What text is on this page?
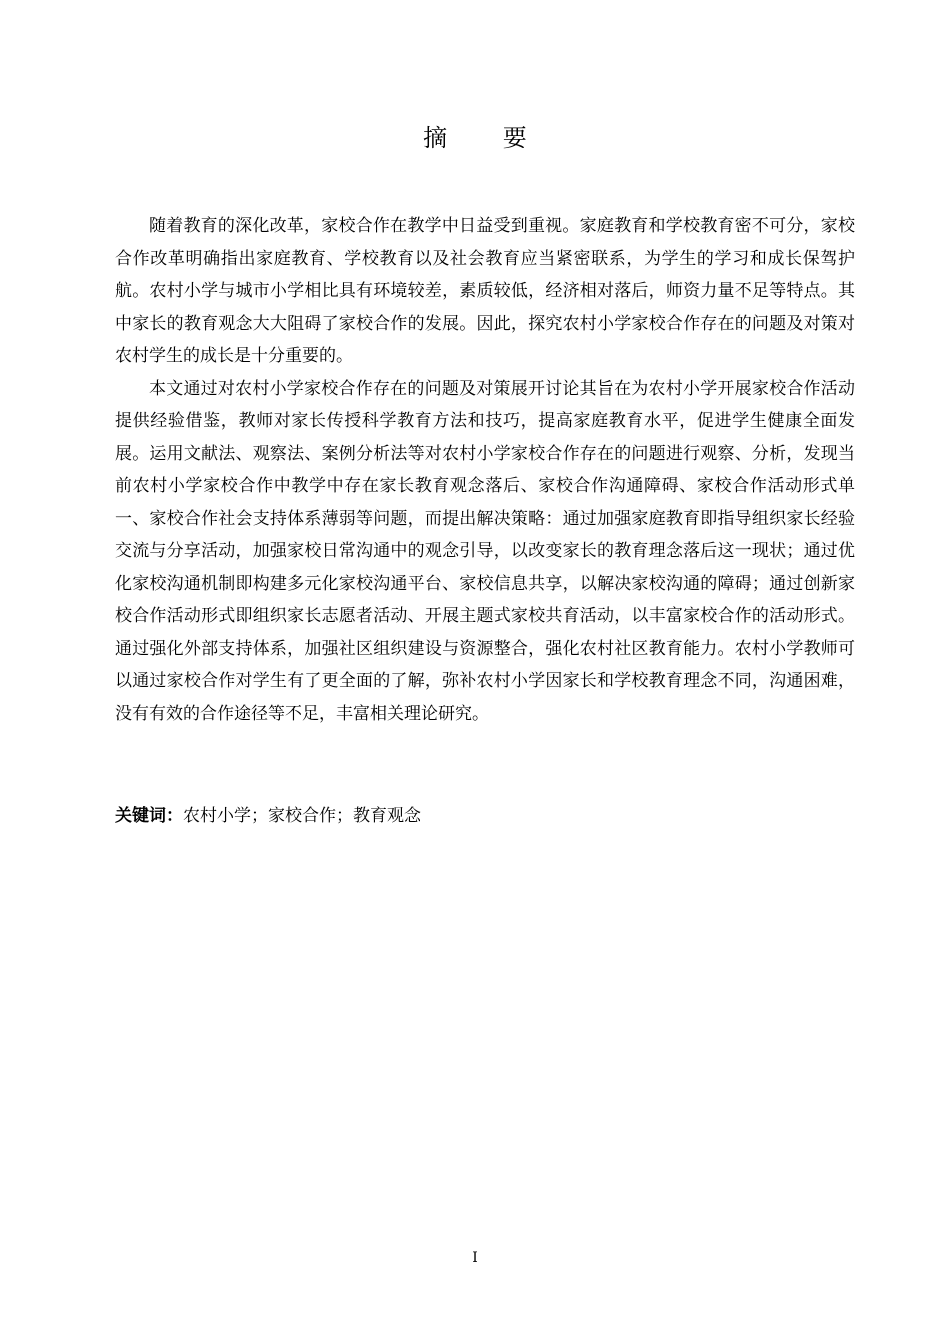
摘 要

随着教育的深化改革，家校合作在教学中日益受到重视。家庭教育和学校教育密不可分，家校合作改革明确指出家庭教育、学校教育以及社会教育应当紧密联系，为学生的学习和成长保驾护航。农村小学与城市小学相比具有环境较差，素质较低，经济相对落后，师资力量不足等特点。其中家长的教育观念大大阻碍了家校合作的发展。因此，探究农村小学家校合作存在的问题及对策对农村学生的成长是十分重要的。

本文通过对农村小学家校合作存在的问题及对策展开讨论其旨在为农村小学开展家校合作活动提供经验借鉴，教师对家长传授科学教育方法和技巧，提高家庭教育水平，促进学生健康全面发展。运用文献法、观察法、案例分析法等对农村小学家校合作存在的问题进行观察、分析，发现当前农村小学家校合作中教学中存在家长教育观念落后、家校合作沟通障碍、家校合作活动形式单一、家校合作社会支持体系薄弱等问题，而提出解决策略：通过加强家庭教育即指导组织家长经验交流与分享活动，加强家校日常沟通中的观念引导，以改变家长的教育理念落后这一现状；通过优化家校沟通机制即构建多元化家校沟通平台、家校信息共享，以解决家校沟通的障碍；通过创新家校合作活动形式即组织家长志愿者活动、开展主题式家校共育活动，以丰富家校合作的活动形式。通过强化外部支持体系，加强社区组织建设与资源整合，强化农村社区教育能力。农村小学教师可以通过家校合作对学生有了更全面的了解，弥补农村小学因家长和学校教育理念不同，沟通困难，没有有效的合作途径等不足，丰富相关理论研究。

关键词：农村小学；家校合作；教育观念
I
